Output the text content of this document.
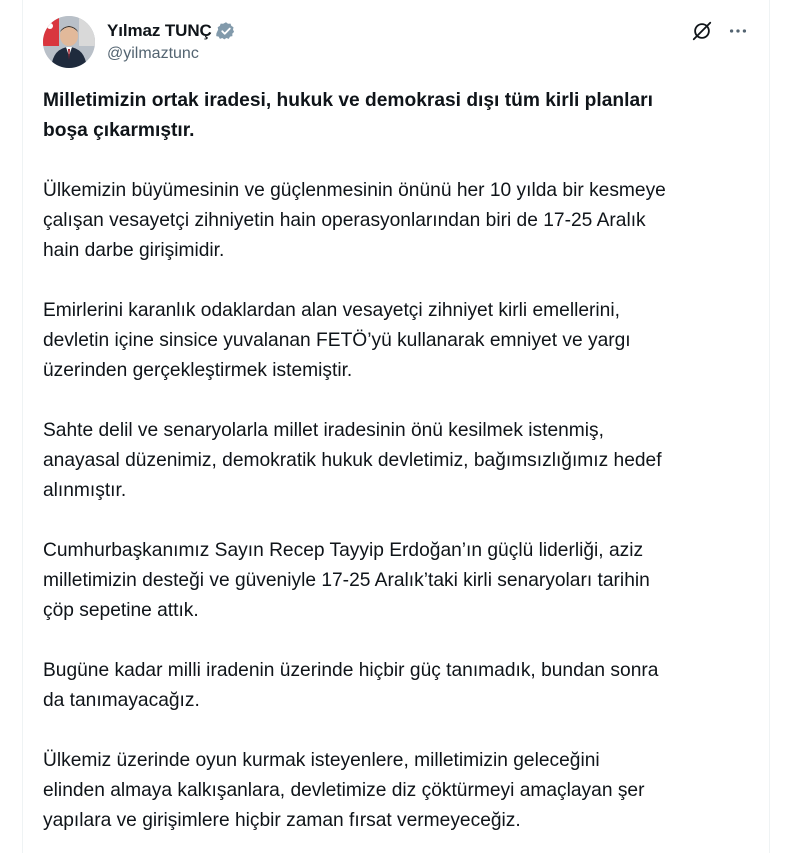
Yılmaz TUNÇ
@yilmaztunc

Milletimizin ortak iradesi, hukuk ve demokrasi dışı tüm kirli planları
boşa çıkarmıştır.

Ülkemizin büyümesinin ve güçlenmesinin önünü her 10 yılda bir kesmeye
çalışan vesayetçi zihniyetin hain operasyonlarından biri de 17-25 Aralık
hain darbe girişimidir.

Emirlerini karanlık odaklardan alan vesayetçi zihniyet kirli emellerini,
devletin içine sinsice yuvalanan FETÖ’yü kullanarak emniyet ve yargı
üzerinden gerçekleştirmek istemiştir.

Sahte delil ve senaryolarla millet iradesinin önü kesilmek istenmiş,
anayasal düzenimiz, demokratik hukuk devletimiz, bağımsızlığımız hedef
alınmıştır.

Cumhurbaşkanımız Sayın Recep Tayyip Erdoğan’ın güçlü liderliği, aziz
milletimizin desteği ve güveniyle 17-25 Aralık’taki kirli senaryoları tarihin
çöp sepetine attık.

Bugüne kadar milli iradenin üzerinde hiçbir güç tanımadık, bundan sonra
da tanımayacağız.

Ülkemiz üzerinde oyun kurmak isteyenlere, milletimizin geleceğini
elinden almaya kalkışanlara, devletimize diz çöktürmeyi amaçlayan şer
yapılara ve girişimlere hiçbir zaman fırsat vermeyeceğiz.
